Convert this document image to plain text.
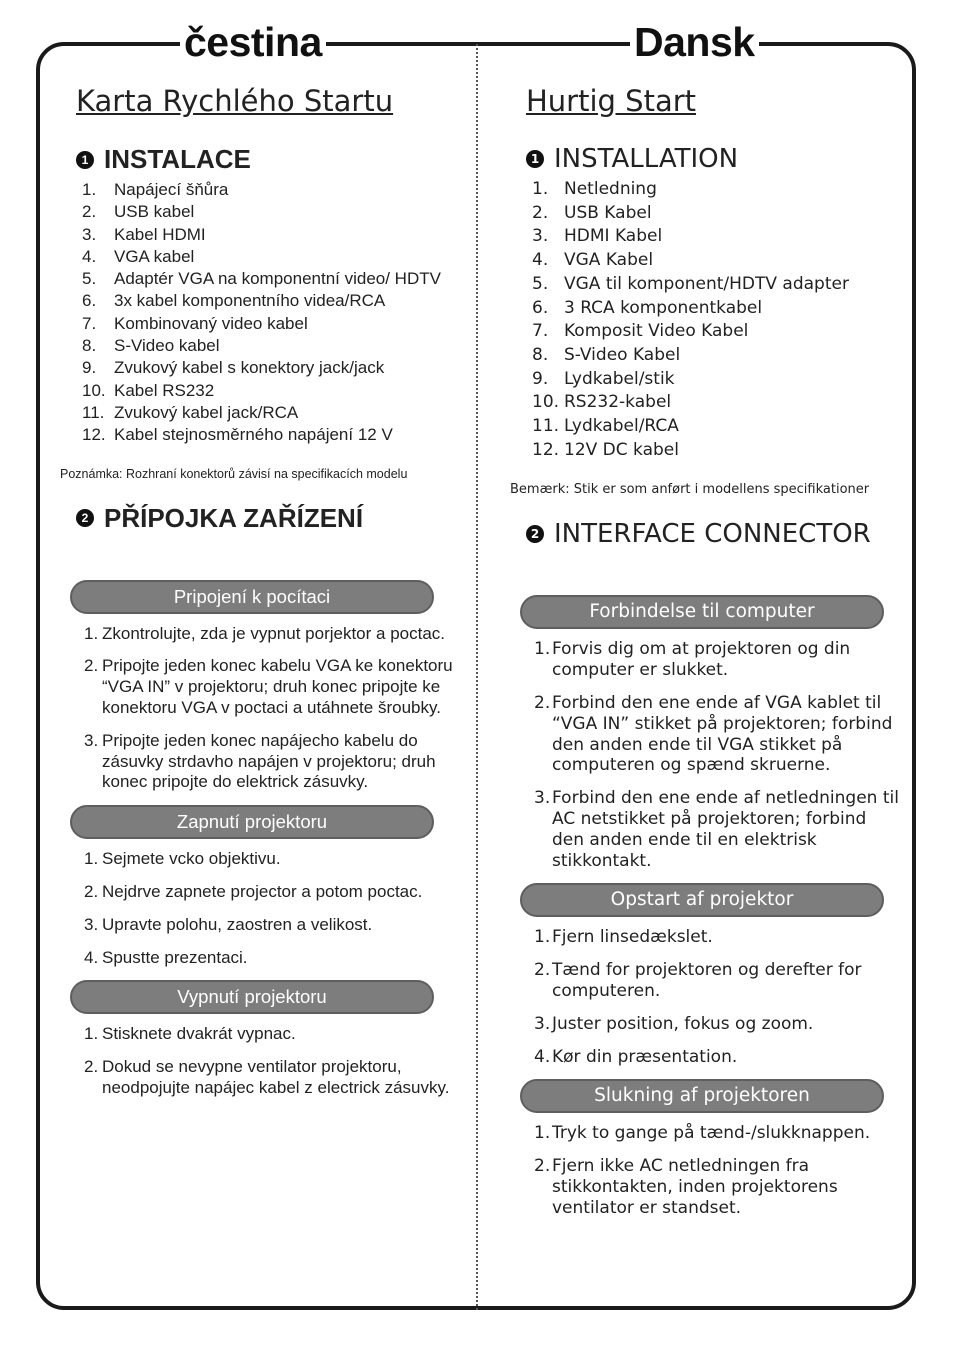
čestina	Dansk
Karta Rychlého Startu
1 INSTALACE
1.	Napájecí šňůra
2.	USB kabel
3.	Kabel HDMI
4.	VGA kabel
5.	Adaptér VGA na komponentní video/ HDTV
6.	3x kabel komponentního videa/RCA
7.	Kombinovaný video kabel
8.	S-Video kabel
9.	Zvukový kabel s konektory jack/jack
10. Kabel RS232
11. Zvukový kabel jack/RCA
12. Kabel stejnosměrného napájení 12 V
Poznámka: Rozhraní konektorů závisí na specifikacích modelu
2 PŘÍPOJKA ZAŘÍZENÍ
Pripojení k pocítaci
1. Zkontrolujte, zda je vypnut porjektor a poctac.
2. Pripojte jeden konec kabelu VGA ke konektoru “VGA IN” v projektoru; druh konec pripojte ke konektoru VGA v poctaci a utáhnete šroubky.
3. Pripojte jeden konec napájecho kabelu do zásuvky strdavho napájen v projektoru; druh konec pripojte do elektrick zásuvky.
Zapnutí projektoru
1. Sejmete vcko objektivu.
2. Nejdrve zapnete projector a potom poctac.
3. Upravte polohu, zaostren a velikost.
4. Spustte prezentaci.
Vypnutí projektoru
1. Stisknete dvakrát vypnac.
2. Dokud se nevypne ventilator projektoru, neodpojujte napájec kabel z electrick zásuvky.
Hurtig Start
1 INSTALLATION
1. Netledning
2. USB Kabel
3. HDMI Kabel
4. VGA Kabel
5. VGA til komponent/HDTV adapter
6. 3 RCA komponentkabel
7. Komposit Video Kabel
8. S-Video Kabel
9. Lydkabel/stik
10. RS232-kabel
11. Lydkabel/RCA
12. 12V DC kabel
Bemærk: Stik er som anført i modellens specifikationer
2 INTERFACE CONNECTOR
Forbindelse til computer
1. Forvis dig om at projektoren og din computer er slukket.
2. Forbind den ene ende af VGA kablet til “VGA IN” stikket på projektoren; forbind den anden ende til VGA stikket på computeren og spænd skruerne.
3. Forbind den ene ende af netledningen til AC netstikket på projektoren; forbind den anden ende til en elektrisk stikkontakt.
Opstart af projektor
1. Fjern linsedækslet.
2. Tænd for projektoren og derefter for computeren.
3. Juster position, fokus og zoom.
4. Kør din præsentation.
Slukning af projektoren
1. Tryk to gange på tænd-/slukknappen.
2. Fjern ikke AC netledningen fra stikkontakten, inden projektorens ventilator er standset.
